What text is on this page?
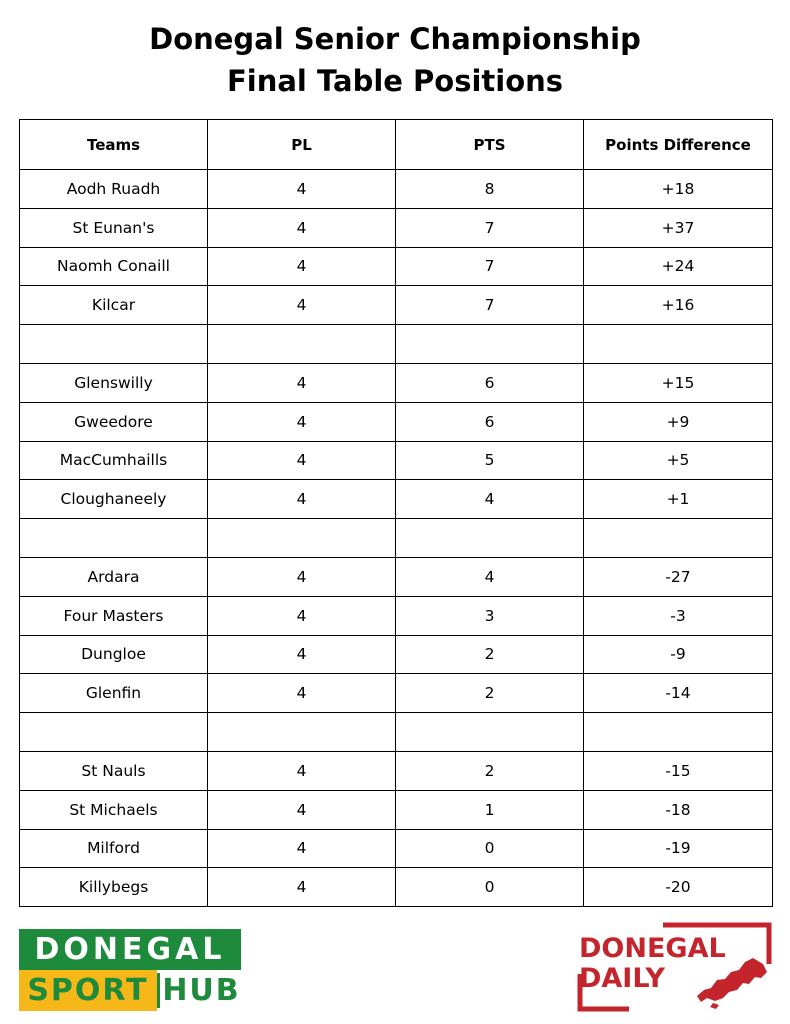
Donegal Senior Championship
Final Table Positions
Teams	PL	PTS	Points Difference
Aodh Ruadh	4	8	+18
St Eunan's	4	7	+37
Naomh Conaill	4	7	+24
Kilcar	4	7	+16

Glenswilly	4	6	+15
Gweedore	4	6	+9
MacCumhaills	4	5	+5
Cloughaneely	4	4	+1

Ardara	4	4	-27
Four Masters	4	3	-3
Dungloe	4	2	-9
Glenfin	4	2	-14

St Nauls	4	2	-15
St Michaels	4	1	-18
Milford	4	0	-19
Killybegs	4	0	-20
DONEGAL
SPORT HUB
DONEGAL
DAILY
